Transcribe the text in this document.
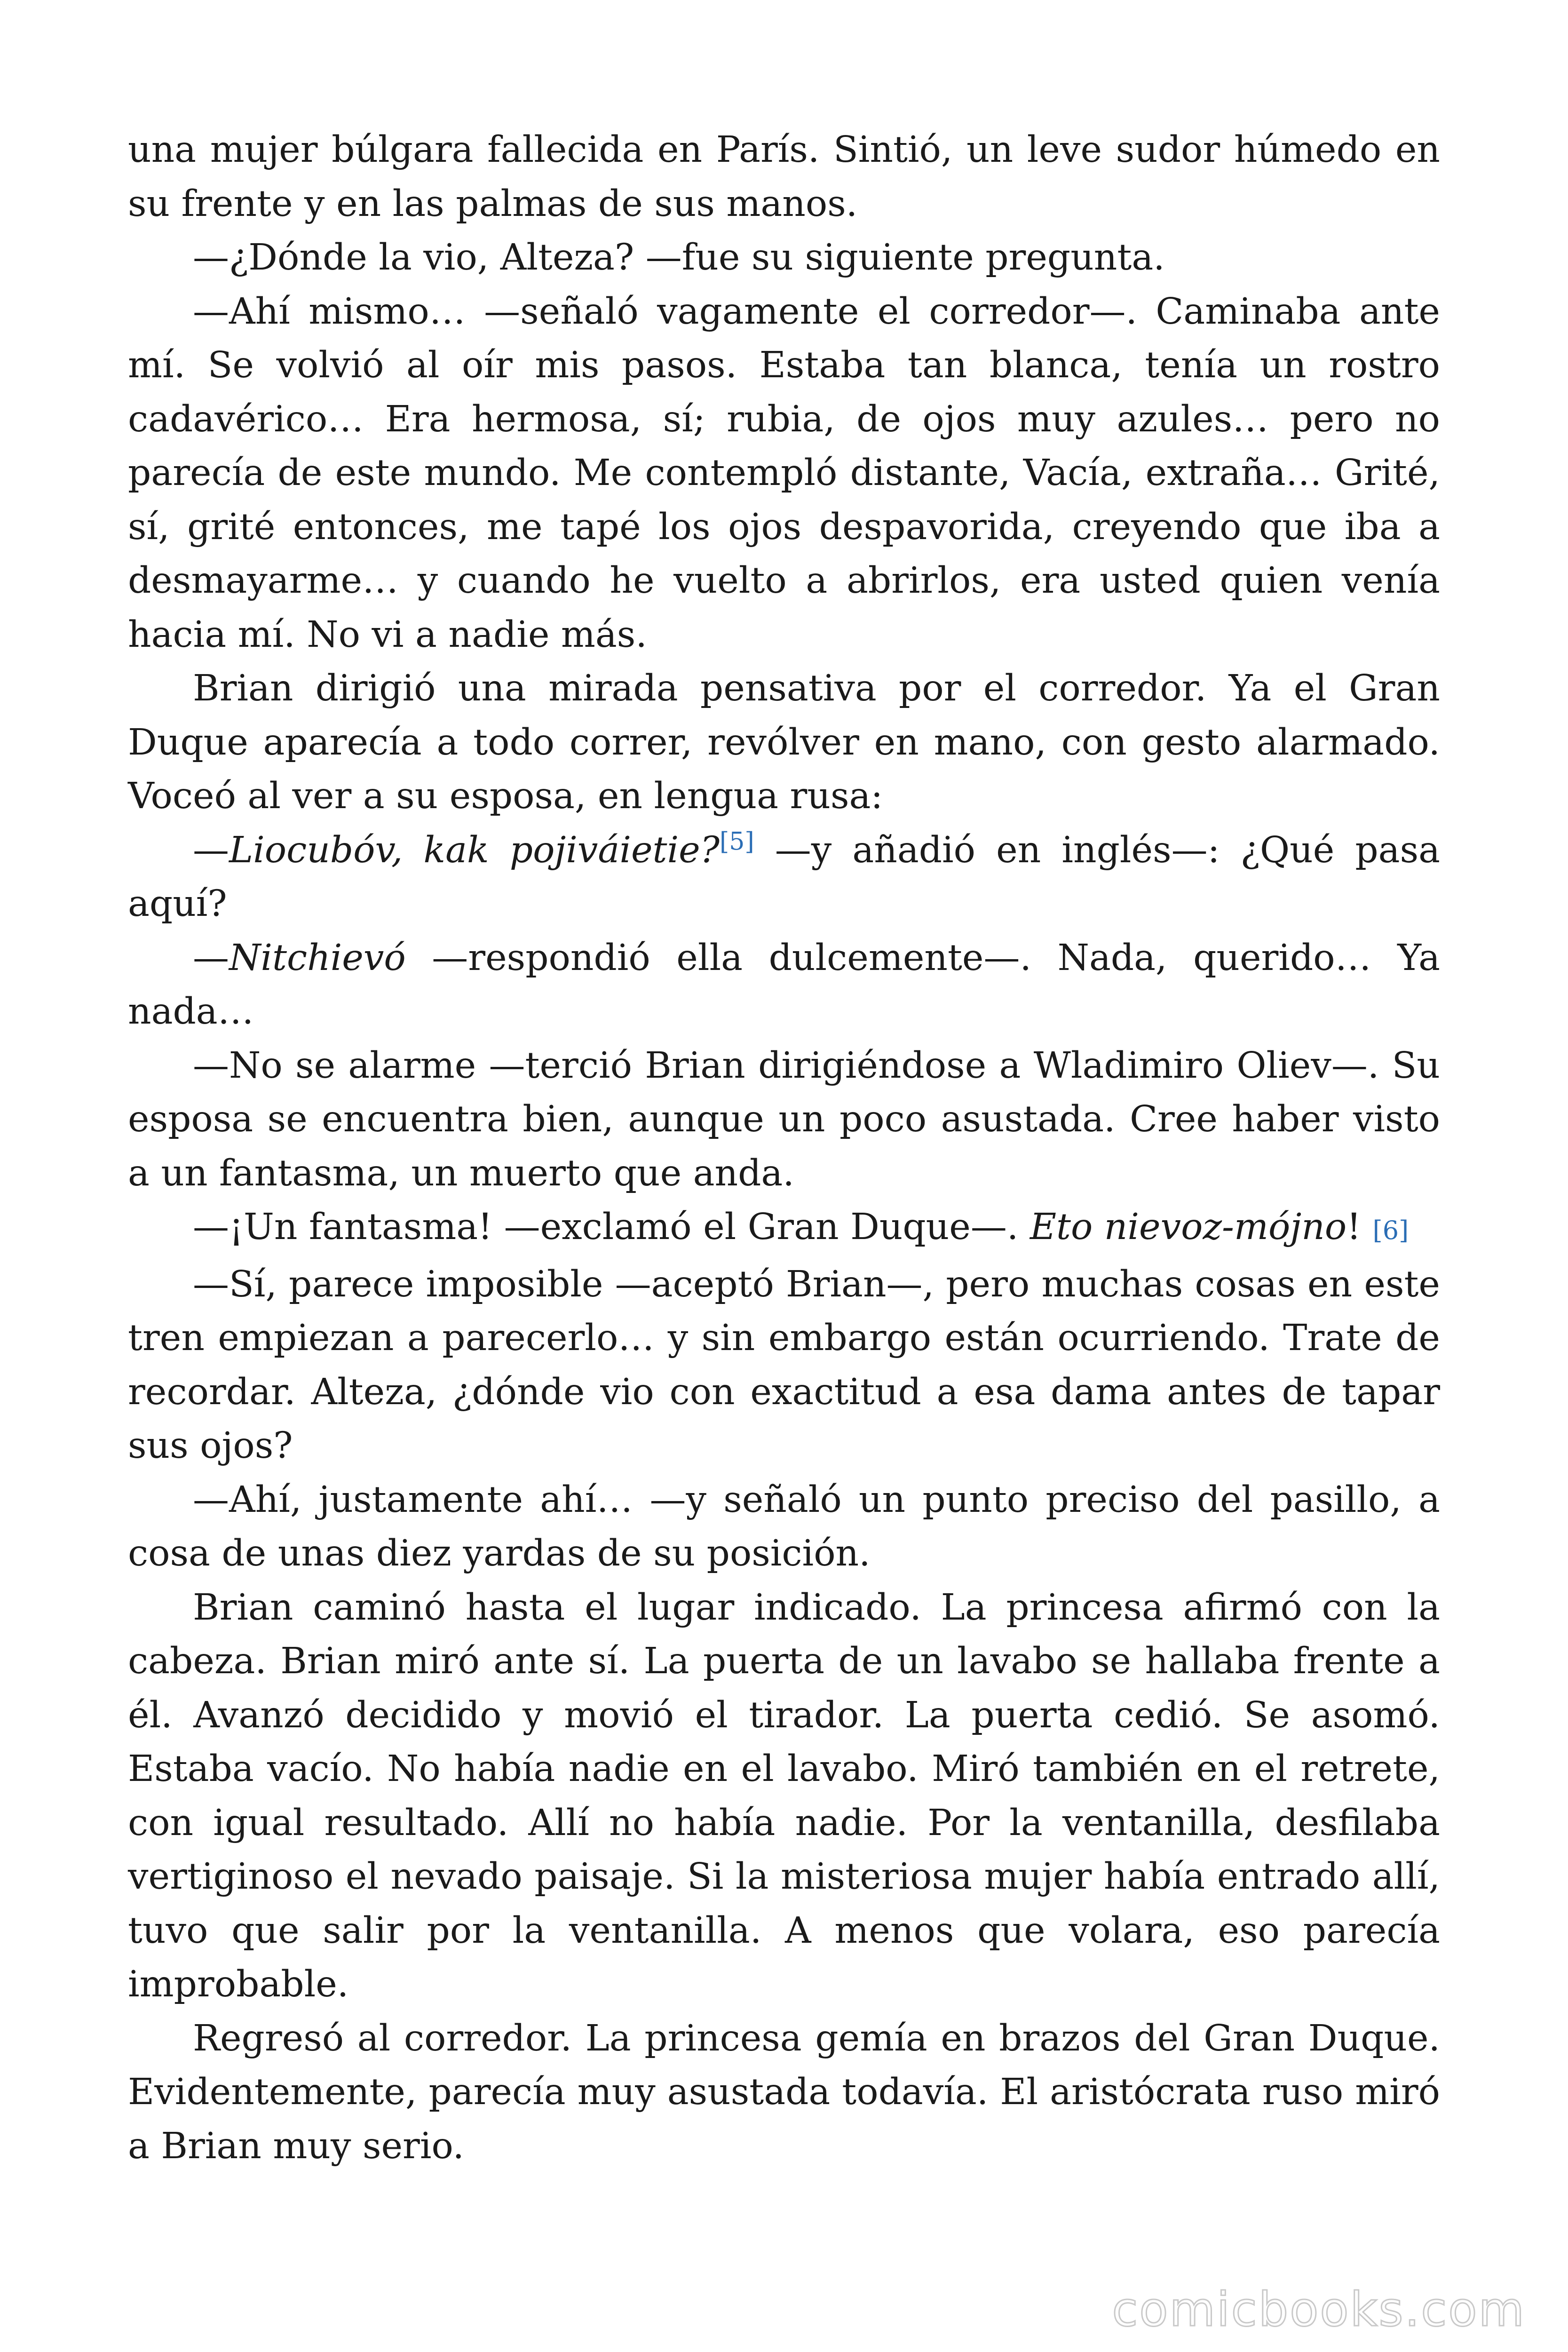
una mujer búlgara fallecida en París. Sintió, un leve sudor húmedo en su frente y en las palmas de sus manos.

—¿Dónde la vio, Alteza? —fue su siguiente pregunta.

—Ahí mismo… —señaló vagamente el corredor—. Caminaba ante mí. Se volvió al oír mis pasos. Estaba tan blanca, tenía un rostro cadavérico… Era hermosa, sí; rubia, de ojos muy azules… pero no parecía de este mundo. Me contempló distante, Vacía, extraña… Grité, sí, grité entonces, me tapé los ojos despavorida, creyendo que iba a desmayarme… y cuando he vuelto a abrirlos, era usted quien venía hacia mí. No vi a nadie más.

Brian dirigió una mirada pensativa por el corredor. Ya el Gran Duque aparecía a todo correr, revólver en mano, con gesto alarmado. Voceó al ver a su esposa, en lengua rusa:

—Liocubóv, kak pojiváietie?[5] —y añadió en inglés—: ¿Qué pasa aquí?

—Nitchievó —respondió ella dulcemente—. Nada, querido… Ya nada…

—No se alarme —terció Brian dirigiéndose a Wladimiro Oliev—. Su esposa se encuentra bien, aunque un poco asustada. Cree haber visto a un fantasma, un muerto que anda.

—¡Un fantasma! —exclamó el Gran Duque—. Eto nievoz-mójno! [6]

—Sí, parece imposible —aceptó Brian—, pero muchas cosas en este tren empiezan a parecerlo… y sin embargo están ocurriendo. Trate de recordar. Alteza, ¿dónde vio con exactitud a esa dama antes de tapar sus ojos?

—Ahí, justamente ahí… —y señaló un punto preciso del pasillo, a cosa de unas diez yardas de su posición.

Brian caminó hasta el lugar indicado. La princesa afirmó con la cabeza. Brian miró ante sí. La puerta de un lavabo se hallaba frente a él. Avanzó decidido y movió el tirador. La puerta cedió. Se asomó. Estaba vacío. No había nadie en el lavabo. Miró también en el retrete, con igual resultado. Allí no había nadie. Por la ventanilla, desfilaba vertiginoso el nevado paisaje. Si la misteriosa mujer había entrado allí, tuvo que salir por la ventanilla. A menos que volara, eso parecía improbable.

Regresó al corredor. La princesa gemía en brazos del Gran Duque. Evidentemente, parecía muy asustada todavía. El aristócrata ruso miró a Brian muy serio.

comicbooks.com
